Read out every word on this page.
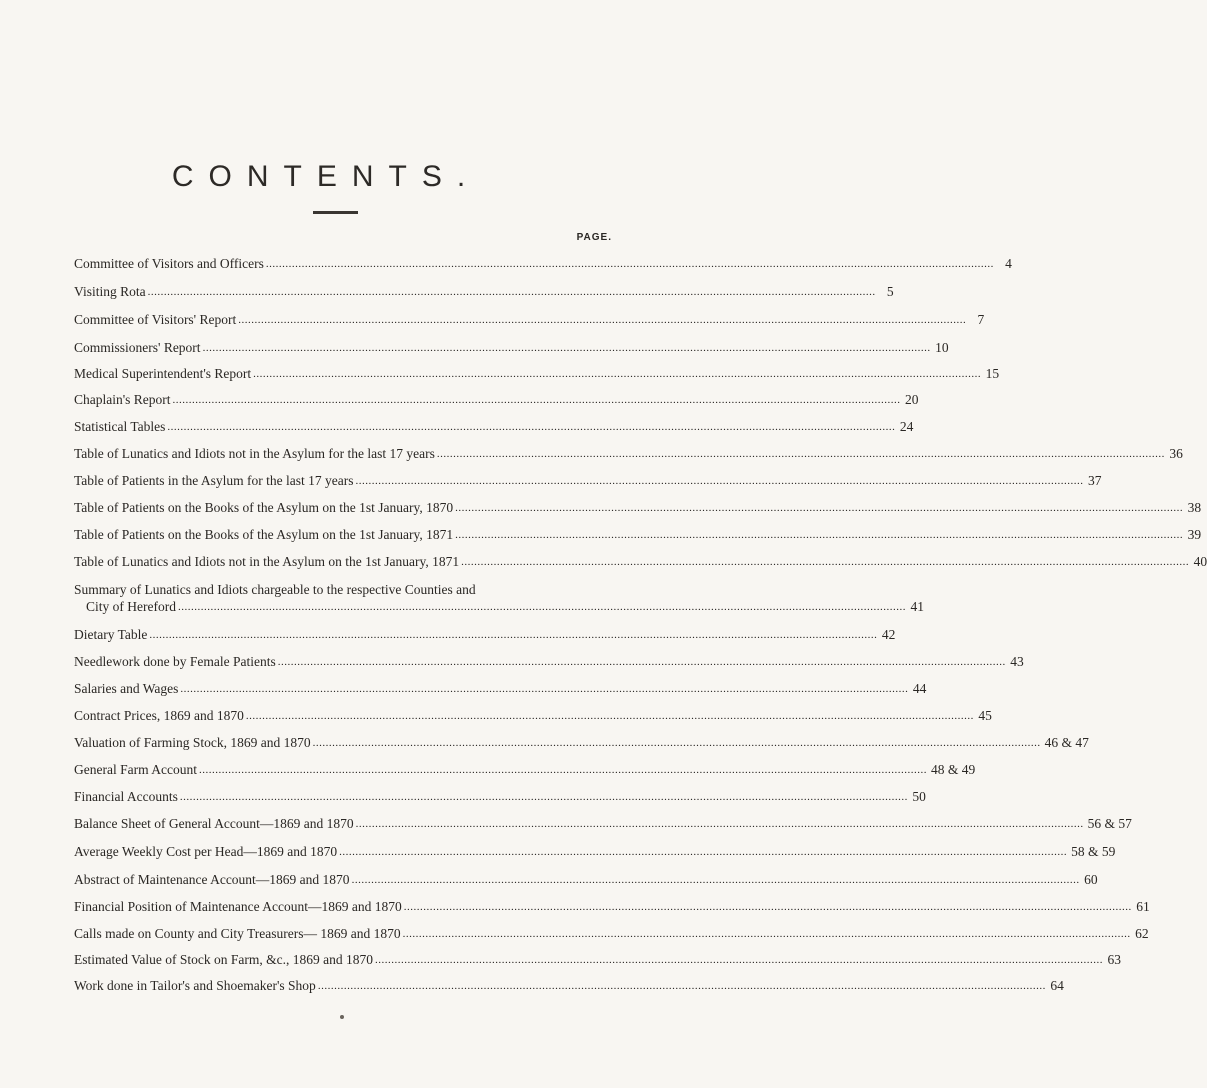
CONTENTS.
PAGE.
Committee of Visitors and Officers .....	4
Visiting Rota .....	5
Committee of Visitors' Report .....	7
Commissioners' Report .....	10
Medical Superintendent's Report .....	15
Chaplain's Report .....	20
Statistical Tables .....	24
Table of Lunatics and Idiots not in the Asylum for the last 17 years .....	36
Table of Patients in the Asylum for the last 17 years .....	37
Table of Patients on the Books of the Asylum on the 1st January, 1870 .....	38
Table of Patients on the Books of the Asylum on the 1st January, 1871 .....	39
Table of Lunatics and Idiots not in the Asylum on the 1st January, 1871 .....	40
Summary of Lunatics and Idiots chargeable to the respective Counties and
City of Hereford .....	41
Dietary Table .....	42
Needlework done by Female Patients .....	43
Salaries and Wages .....	44
Contract Prices, 1869 and 1870 .....	45
Valuation of Farming Stock, 1869 and 1870 .....	46 & 47
General Farm Account .....	48 & 49
Financial Accounts .....	50
Balance Sheet of General Account—1869 and 1870 .....	56 & 57
Average Weekly Cost per Head—1869 and 1870 .....	58 & 59
Abstract of Maintenance Account—1869 and 1870 .....	60
Financial Position of Maintenance Account—1869 and 1870 .....	61
Calls made on County and City Treasurers— 1869 and 1870 .....	62
Estimated Value of Stock on Farm, &c., 1869 and 1870 .....	63
Work done in Tailor's and Shoemaker's Shop .....	64
